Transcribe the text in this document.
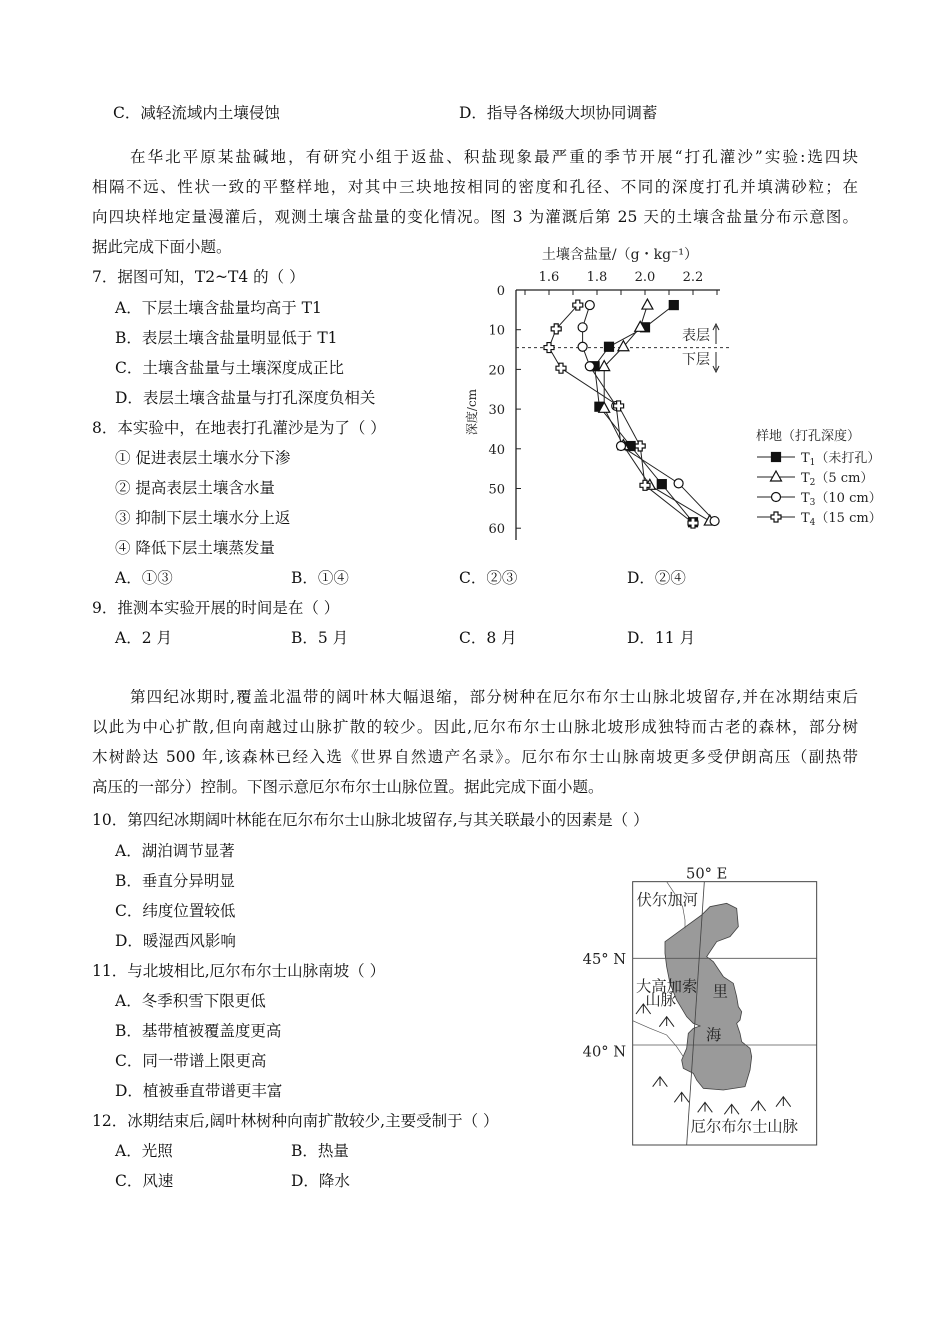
C．减轻流域内土壤侵蚀	D．指导各梯级大坝协同调蓄
在华北平原某盐碱地，有研究小组于返盐、积盐现象最严重的季节开展“打孔灌沙”实验:选四块
相隔不远、性状一致的平整样地，对其中三块地按相同的密度和孔径、不同的深度打孔并填满砂粒；在
向四块样地定量漫灌后，观测土壤含盐量的变化情况。图 3 为灌溉后第 25 天的土壤含盐量分布示意图。
据此完成下面小题。
7．据图可知，T2~T4 的（ ）
A．下层土壤含盐量均高于 T1
B．表层土壤含盐量明显低于 T1
C．土壤含盐量与土壤深度成正比
D．表层土壤含盐量与打孔深度负相关
8．本实验中，在地表打孔灌沙是为了（ ）
① 促进表层土壤水分下渗
② 提高表层土壤含水量
③ 抑制下层土壤水分上返
④ 降低下层土壤蒸发量
A．①③	B．①④	C．②③	D．②④
9．推测本实验开展的时间是在（ ）
A．2 月	B．5 月	C．8 月	D．11 月
第四纪冰期时,覆盖北温带的阔叶林大幅退缩，部分树种在厄尔布尔士山脉北坡留存,并在冰期结束后
以此为中心扩散,但向南越过山脉扩散的较少。因此,厄尔布尔士山脉北坡形成独特而古老的森林，部分树
木树龄达 500 年,该森林已经入选《世界自然遗产名录》。厄尔布尔士山脉南坡更多受伊朗高压（副热带
高压的一部分）控制。下图示意厄尔布尔士山脉位置。据此完成下面小题。
10．第四纪冰期阔叶林能在厄尔布尔士山脉北坡留存,与其关联最小的因素是（ ）
A．湖泊调节显著
B．垂直分异明显
C．纬度位置较低
D．暖湿西风影响
11．与北坡相比,厄尔布尔士山脉南坡（ ）
A．冬季积雪下限更低
B．基带植被覆盖度更高
C．同一带谱上限更高
D．植被垂直带谱更丰富
12．冰期结束后,阔叶林树种向南扩散较少,主要受制于（ ）
A．光照	B．热量
C．风速	D．降水
土壤含盐量/（g・kg⁻¹）
深度/cm
表层
下层
1.6 1.8 2.0 2.2
0
10
20
30
40
50
60
样地（打孔深度）
$T_1$（未打孔）
$T_2(5$ cm）
$T_3(10$ cm）
$T_4(15$ cm）
伏尔加河
大高加索
山脉 里
海
厄尔布尔士山脉
45° N
40° N
50° E
